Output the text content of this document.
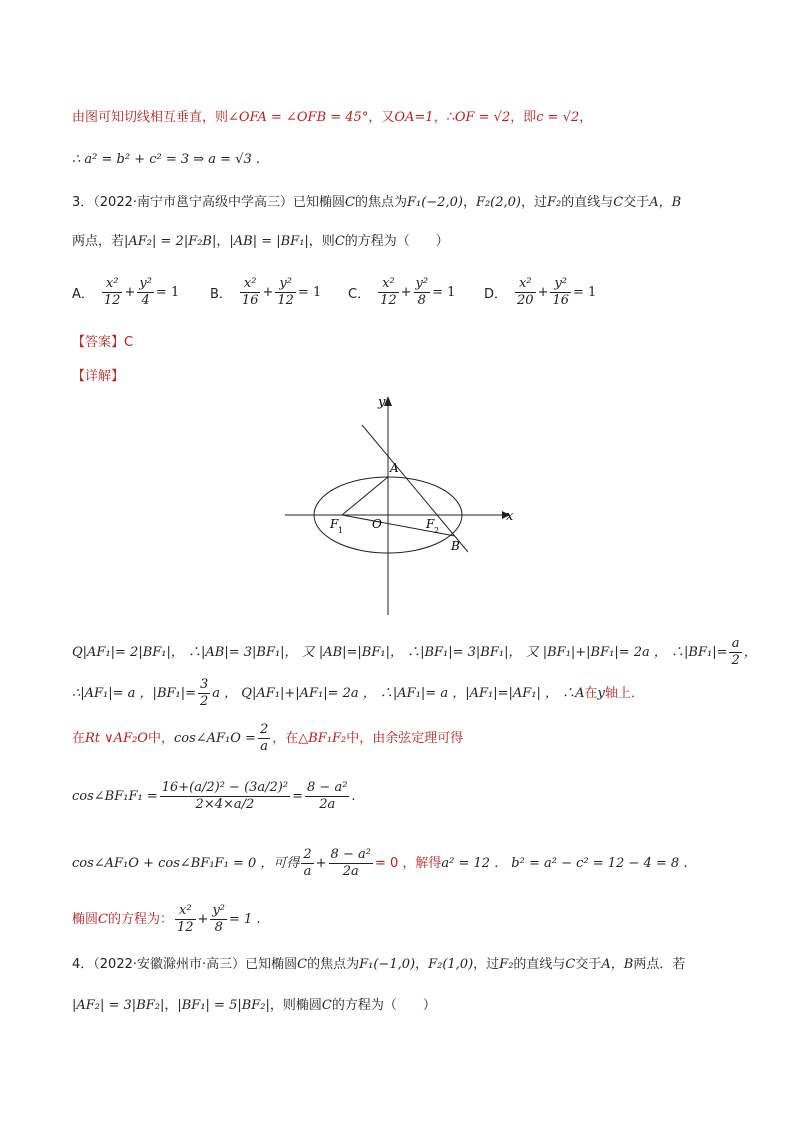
由图可知切线相互垂直，则∠OFA = ∠OFB = 45°，又OA=1，∴OF = √2，即c = √2，
∴ a² = b² + c² = 3 ⇒ a = √3 .
3．（2022·南宁市邕宁高级中学高三）已知椭圆C的焦点为F₁(−2,0)，F₂(2,0)，过F₂的直线与C交于A，B
两点，若|AF₂| = 2|F₂B|，|AB| = |BF₁|，则C的方程为（　　）
A． $\frac{\text{x²}}{12} + \frac{\text{y²}}{4} = 1$ B． $\frac{\text{x²}}{16} + \frac{\text{y²}}{12} = 1$ C． $\frac{\text{x²}}{12} + \frac{\text{y²}}{8} = 1$ D． $\frac{\text{x²}}{20} + \frac{\text{y²}}{16} = 1$
【答案】C
【详解】
x
y
A
O
F 1	F 2
B
Q|AF₁|= 2|BF₁|， ∴|AB|= 3|BF₁|， 又 |AB|=|BF₁|， ∴|BF₁|= 3|BF₁|， 又 |BF₁|+|BF₁|= 2a ， ∴|BF₁|= $\frac{a}{2}$ ，
∴|AF₁|= a ，$|BF_1|= \frac{3}{2}$ a ， Q|AF₁|+|AF₁|= 2a ， ∴|AF₁|= a ，|AF₁|=|AF₁| ， ∴A在y轴上．
在Rt ∨AF₂O中，cos∠AF₁O = $\frac{2}{a}$ ，在△BF₁F₂中，由余弦定理可得
cos∠BF₁F₁ = $\frac{\text{16+(a/2)² − (3a/2)²}}{2\times 4\times a/2} = \frac{\text{8 − a²}}{2a}$ .
cos∠AF₁O + cos∠BF₁F₁ = 0 ，可得 $\frac{2}{a} + \frac{\text{8 − a²}}{2a} = 0$ ，解得a² = 12 ． b² = a² − c² = 12 − 4 = 8 ．
椭圆C的方程为： $\frac{\text{x²}}{12} + \frac{\text{y²}}{8} = 1$ .
4．（2022·安徽滁州市·高三）已知椭圆C的焦点为F₁(−1,0)，F₂(1,0)，过F₂的直线与C交于A，B两点．若
|AF₂| = 3|BF₂|，|BF₁| = 5|BF₂|，则椭圆C的方程为（　　）
